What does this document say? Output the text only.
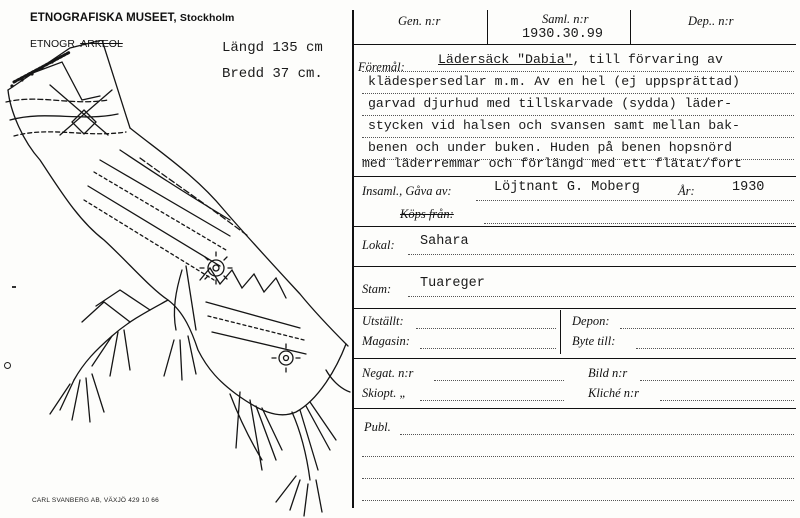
ETNOGRAFISKA MUSEET, Stockholm
ETNOGR. ARKEOL	Längd 135 cm
Bredd 37 cm.
CARL SVANBERG AB, VÄXJÖ 429 10 66
Gen. n:r	Saml. n:r
1930.30.99
Dep.. n:r
Föremål:	Lädersäck "Dabia", till förvaring av
klädespersedlar m.m. Av en hel (ej uppsprättad)
garvad djurhud med tillskarvade (sydda) läder-
stycken vid halsen och svansen samt mellan bak-
benen och under buken. Huden på benen hopsnörd
med läderremmar och förlängd med ett flätat/fort
Insaml., Gåva av:	Löjtnant G. Moberg	År:	1930
Köps från:
Lokal: Sahara
Stam: Tuareger
Utställt:	Depon:
Magasin:	Byte till:
Negat. n:r	Bild n:r
Skiopt. „	Kliché n:r
Publ.
